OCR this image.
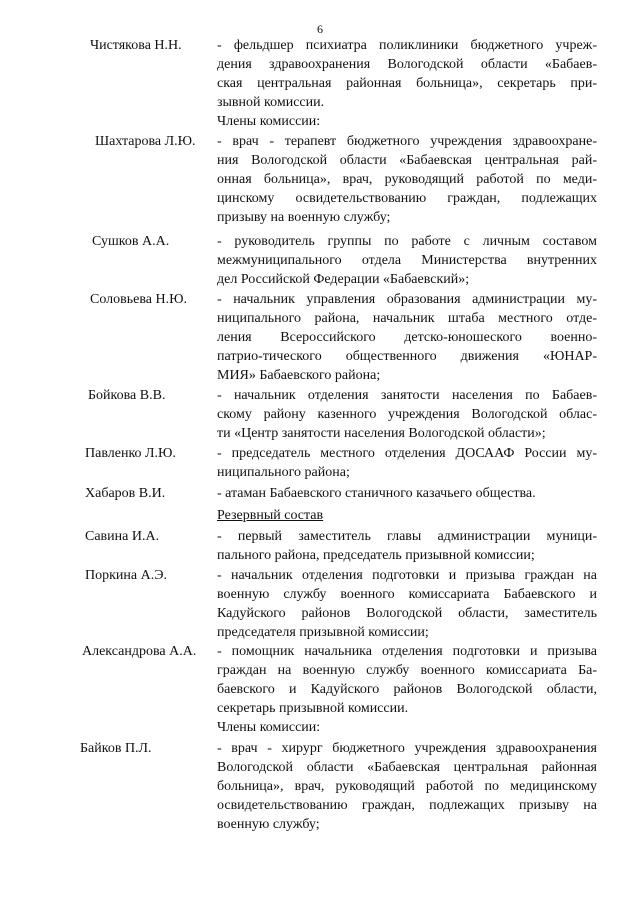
6
Чистякова Н.Н.	- фельдшер психиатра поликлиники бюджетного учреж-
дения здравоохранения Вологодской области «Бабаев-
ская центральная районная больница», секретарь при-
зывной комиссии.
Члены комиссии:
Шахтарова Л.Ю. - врач - терапевт бюджетного учреждения здравоохране-
ния Вологодской области «Бабаевская центральная рай-
онная больница», врач, руководящий работой по меди-
цинскому освидетельствованию граждан, подлежащих
призыву на военную службу;
Сушков А.А.	- руководитель группы по работе с личным составом
межмуниципального отдела Министерства внутренних
дел Российской Федерации «Бабаевский»;
Соловьева Н.Ю. - начальник управления образования администрации му-
ниципального района, начальник штаба местного отде-
ления Всероссийского детско-юношеского военно-
патрио-тического общественного движения «ЮНАР-
МИЯ» Бабаевского района;
Бойкова В.В.	- начальник отделения занятости населения по Бабаев-
скому району казенного учреждения Вологодской облас-
ти «Центр занятости населения Вологодской области»;
Павленко Л.Ю.	- председатель местного отделения ДОСААФ России му-
ниципального района;
Хабаров В.И.	- атаман Бабаевского станичного казачьего общества.
Резервный состав
Савина И.А.	- первый заместитель главы администрации муници-
пального района, председатель призывной комиссии;
Поркина А.Э.	- начальник отделения подготовки и призыва граждан на
военную службу военного комиссариата Бабаевского и
Кадуйского районов Вологодской области, заместитель
председателя призывной комиссии;
Александрова А.А. - помощник начальника отделения подготовки и призыва
граждан на военную службу военного комиссариата Ба-
баевского и Кадуйского районов Вологодской области,
секретарь призывной комиссии.
Члены комиссии:
Байков П.Л.	- врач - хирург бюджетного учреждения здравоохранения
Вологодской области «Бабаевская центральная районная
больница», врач, руководящий работой по медицинскому
освидетельствованию граждан, подлежащих призыву на
военную службу;
